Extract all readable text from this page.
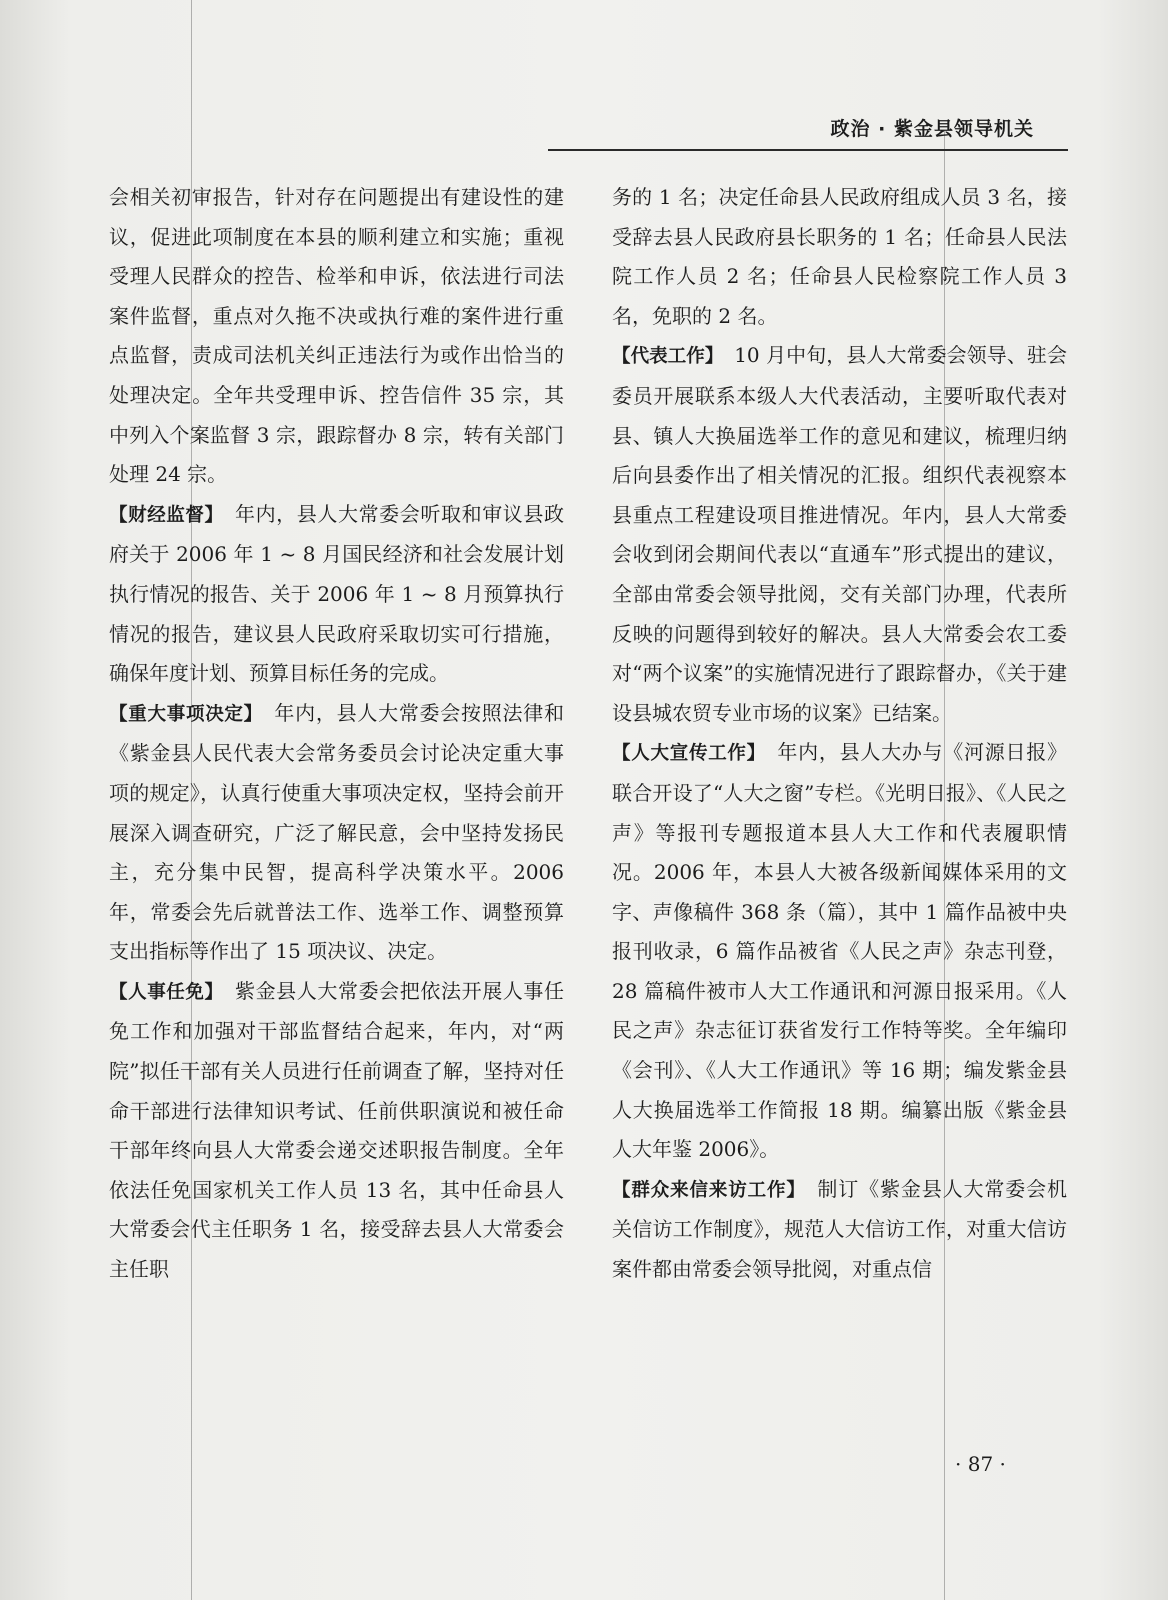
政治 · 紫金县领导机关

会相关初审报告，针对存在问题提出有建设性的建议，促进此项制度在本县的顺利建立和实施；重视受理人民群众的控告、检举和申诉，依法进行司法案件监督，重点对久拖不决或执行难的案件进行重点监督，责成司法机关纠正违法行为或作出恰当的处理决定。全年共受理申诉、控告信件 35 宗，其中列入个案监督 3 宗，跟踪督办 8 宗，转有关部门处理 24 宗。

【财经监督】　年内，县人大常委会听取和审议县政府关于 2006 年 1 ~ 8 月国民经济和社会发展计划执行情况的报告、关于 2006 年 1 ~ 8 月预算执行情况的报告，建议县人民政府采取切实可行措施，确保年度计划、预算目标任务的完成。

【重大事项决定】　年内，县人大常委会按照法律和《紫金县人民代表大会常务委员会讨论决定重大事项的规定》，认真行使重大事项决定权，坚持会前开展深入调查研究，广泛了解民意，会中坚持发扬民主，充分集中民智，提高科学决策水平。2006 年，常委会先后就普法工作、选举工作、调整预算支出指标等作出了 15 项决议、决定。

【人事任免】　紫金县人大常委会把依法开展人事任免工作和加强对干部监督结合起来，年内，对“两院”拟任干部有关人员进行任前调查了解，坚持对任命干部进行法律知识考试、任前供职演说和被任命干部年终向县人大常委会递交述职报告制度。全年依法任免国家机关工作人员 13 名，其中任命县人大常委会代主任职务 1 名，接受辞去县人大常委会主任职

务的 1 名；决定任命县人民政府组成人员 3 名，接受辞去县人民政府县长职务的 1 名；任命县人民法院工作人员 2 名；任命县人民检察院工作人员 3 名，免职的 2 名。

【代表工作】　10 月中旬，县人大常委会领导、驻会委员开展联系本级人大代表活动，主要听取代表对县、镇人大换届选举工作的意见和建议，梳理归纳后向县委作出了相关情况的汇报。组织代表视察本县重点工程建设项目推进情况。年内，县人大常委会收到闭会期间代表以“直通车”形式提出的建议，全部由常委会领导批阅，交有关部门办理，代表所反映的问题得到较好的解决。县人大常委会农工委对“两个议案”的实施情况进行了跟踪督办，《关于建设县城农贸专业市场的议案》已结案。

【人大宣传工作】　年内，县人大办与《河源日报》联合开设了“人大之窗”专栏。《光明日报》、《人民之声》等报刊专题报道本县人大工作和代表履职情况。2006 年，本县人大被各级新闻媒体采用的文字、声像稿件 368 条（篇），其中 1 篇作品被中央报刊收录，6 篇作品被省《人民之声》杂志刊登，28 篇稿件被市人大工作通讯和河源日报采用。《人民之声》杂志征订获省发行工作特等奖。全年编印《会刊》、《人大工作通讯》等 16 期；编发紫金县人大换届选举工作简报 18 期。编纂出版《紫金县人大年鉴 2006》。

【群众来信来访工作】　制订《紫金县人大常委会机关信访工作制度》，规范人大信访工作，对重大信访案件都由常委会领导批阅，对重点信

· 87 ·
